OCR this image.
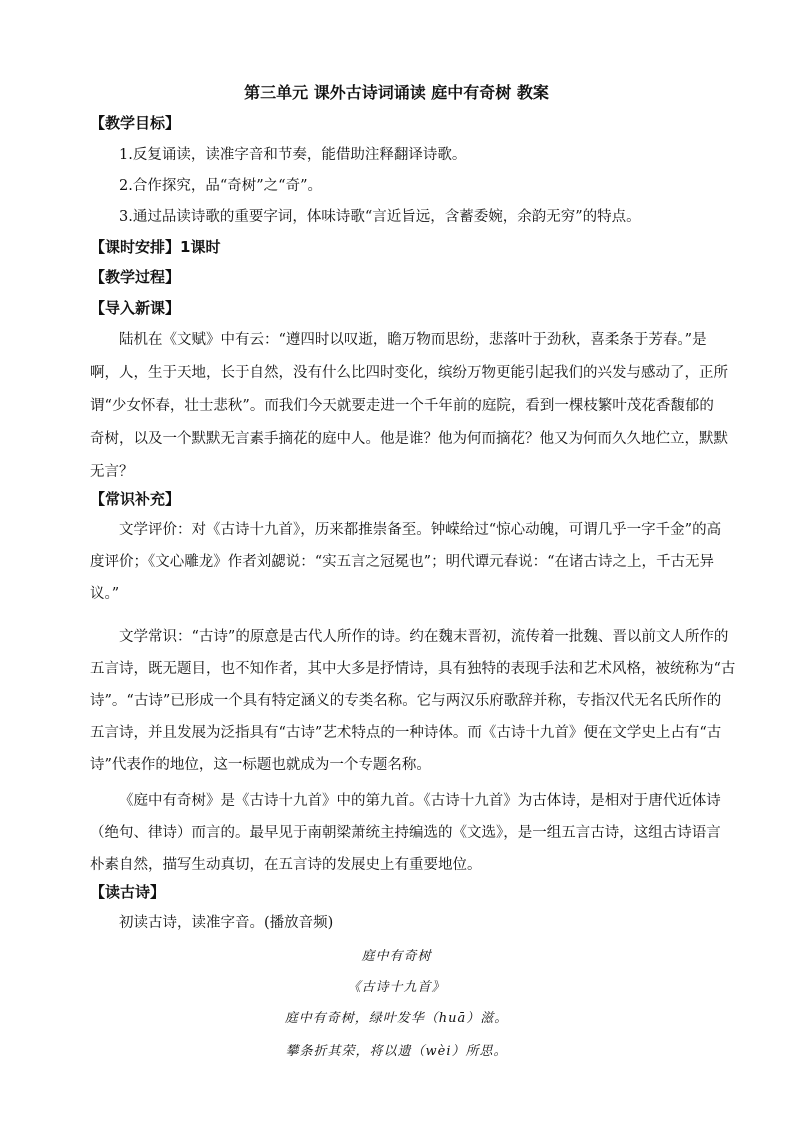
第三单元 课外古诗词诵读 庭中有奇树 教案
【教学目标】
1.反复诵读，读准字音和节奏，能借助注释翻译诗歌。
2.合作探究，品“奇树”之“奇”。
3.通过品读诗歌的重要字词，体味诗歌“言近旨远，含蓄委婉，余韵无穷”的特点。
【课时安排】1课时
【教学过程】
【导入新课】
陆机在《文赋》中有云：“遵四时以叹逝，瞻万物而思纷，悲落叶于劲秋，喜柔条于芳春。”是
啊，人，生于天地，长于自然，没有什么比四时变化，缤纷万物更能引起我们的兴发与感动了，正所
谓“少女怀春，壮士悲秋”。而我们今天就要走进一个千年前的庭院，看到一棵枝繁叶茂花香馥郁的
奇树，以及一个默默无言素手摘花的庭中人。他是谁？他为何而摘花？他又为何而久久地伫立，默默
无言？
【常识补充】
文学评价：对《古诗十九首》，历来都推崇备至。钟嵘给过“惊心动魄，可谓几乎一字千金”的高
度评价；《文心雕龙》作者刘勰说：“实五言之冠冕也”；明代谭元春说：“在诸古诗之上，千古无异
议。”
文学常识：“古诗”的原意是古代人所作的诗。约在魏末晋初，流传着一批魏、晋以前文人所作的
五言诗，既无题目，也不知作者，其中大多是抒情诗，具有独特的表现手法和艺术风格，被统称为“古
诗”。“古诗”已形成一个具有特定涵义的专类名称。它与两汉乐府歌辞并称，专指汉代无名氏所作的
五言诗，并且发展为泛指具有“古诗”艺术特点的一种诗体。而《古诗十九首》便在文学史上占有“古
诗”代表作的地位，这一标题也就成为一个专题名称。
《庭中有奇树》是《古诗十九首》中的第九首。《古诗十九首》为古体诗，是相对于唐代近体诗
（绝句、律诗）而言的。最早见于南朝梁萧统主持编选的《文选》，是一组五言古诗，这组古诗语言
朴素自然，描写生动真切，在五言诗的发展史上有重要地位。
【读古诗】
初读古诗，读准字音。(播放音频)
庭中有奇树
《古诗十九首》
庭中有奇树，绿叶发华（huā）滋。
攀条折其荣，将以遗（wèi）所思。
